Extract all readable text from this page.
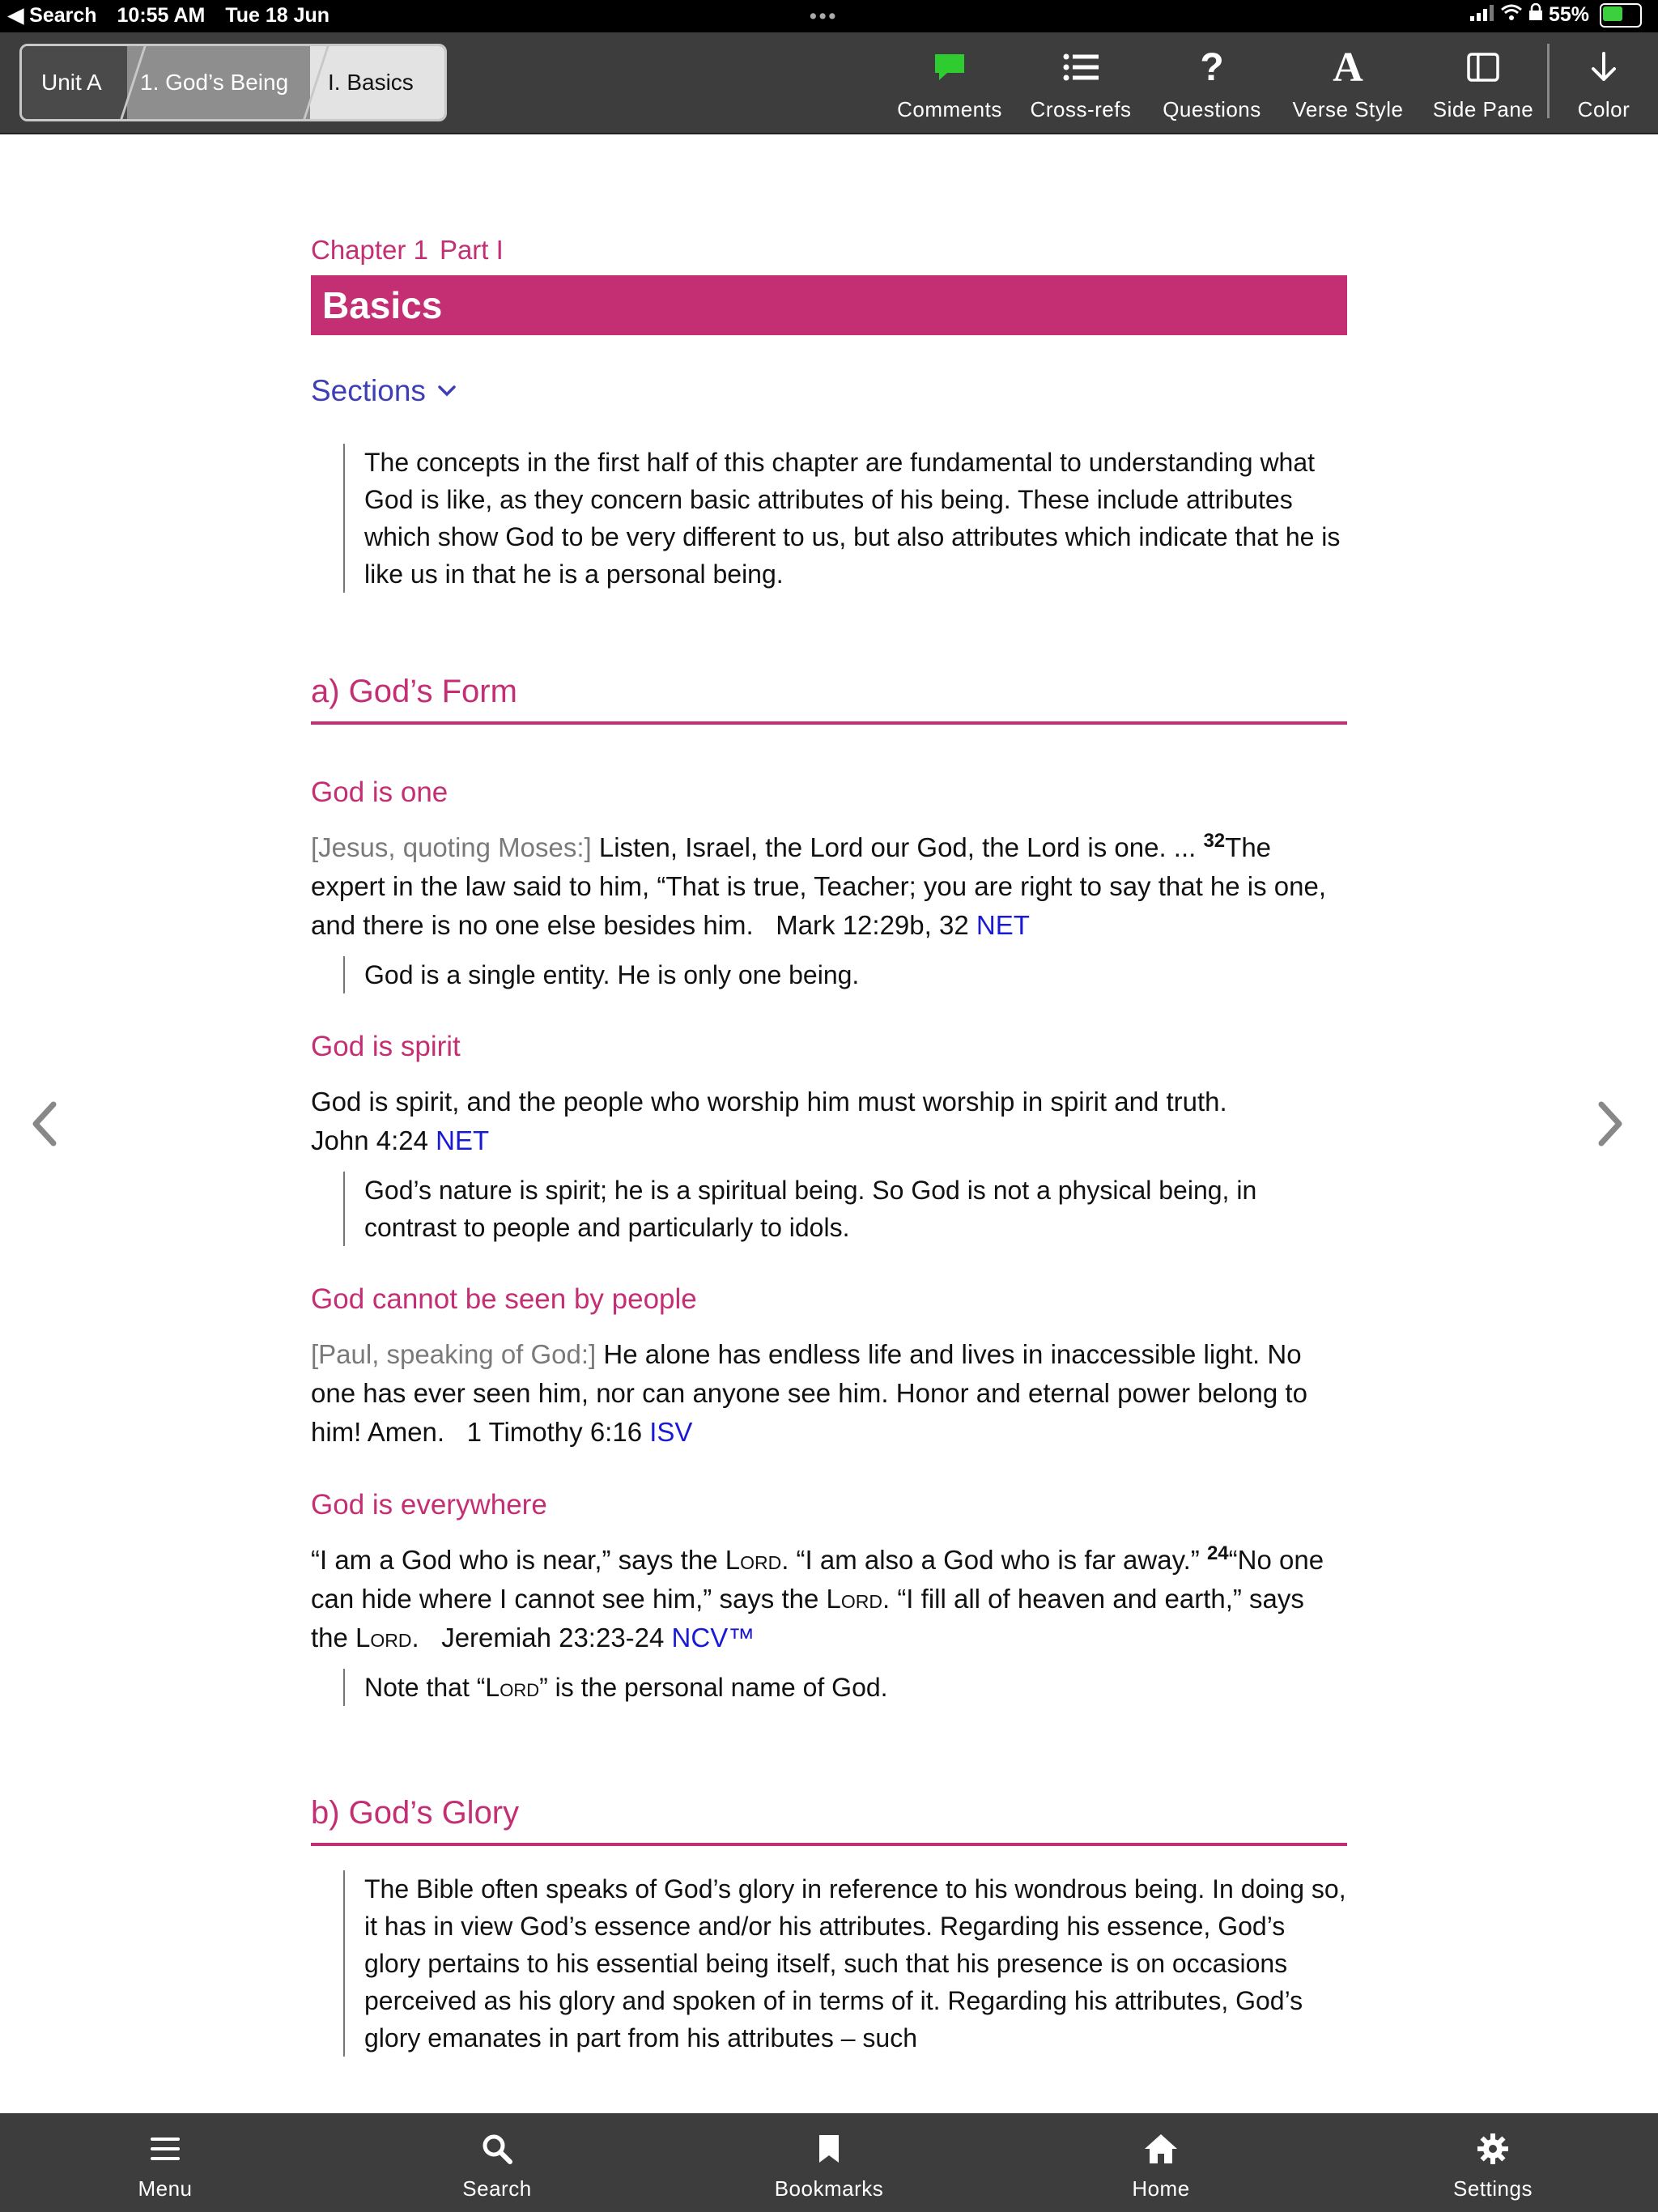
◀ Search 10:55 AM Tue 18 Jun	•••	55%
Unit A	1. God’s Being	I. Basics
Comments Cross-refs
?
Questions
A
Verse Style Side Pane Color
Chapter 1 Part I
Basics
Sections
The concepts in the first half of this chapter are fundamental to understanding what God is like, as they concern basic attributes of his being. These include attributes which show God to be very different to us, but also attributes which indicate that he is like us in that he is a personal being.
a) God’s Form
God is one
[Jesus, quoting Moses:] Listen, Israel, the Lord our God, the Lord is one. ... $^{32}$The expert in the law said to him, “That is true, Teacher; you are right to say that he is one, and there is no one else besides him. Mark 12:29b, 32 NET
God is a single entity. He is only one being.
God is spirit
God is spirit, and the people who worship him must worship in spirit and truth.
John 4:24 NET
God’s nature is spirit; he is a spiritual being. So God is not a physical being, in contrast to people and particularly to idols.
God cannot be seen by people
[Paul, speaking of God:] He alone has endless life and lives in inaccessible light. No one has ever seen him, nor can anyone see him. Honor and eternal power belong to him! Amen. 1 Timothy 6:16 ISV
God is everywhere
“I am a God who is near,” says the Lord. “I am also a God who is far away.” $^{24}$“No one can hide where I cannot see him,” says the Lord. “I fill all of heaven and earth,” says the Lord. Jeremiah 23:23-24 NCV™
Note that “Lord” is the personal name of God.
b) God’s Glory
The Bible often speaks of God’s glory in reference to his wondrous being. In doing so, it has in view God’s essence and/or his attributes. Regarding his essence, God’s glory pertains to his essential being itself, such that his presence is on occasions perceived as his glory and spoken of in terms of it. Regarding his attributes, God’s glory emanates in part from his attributes – such
Menu	Search	Bookmarks	Home	Settings
